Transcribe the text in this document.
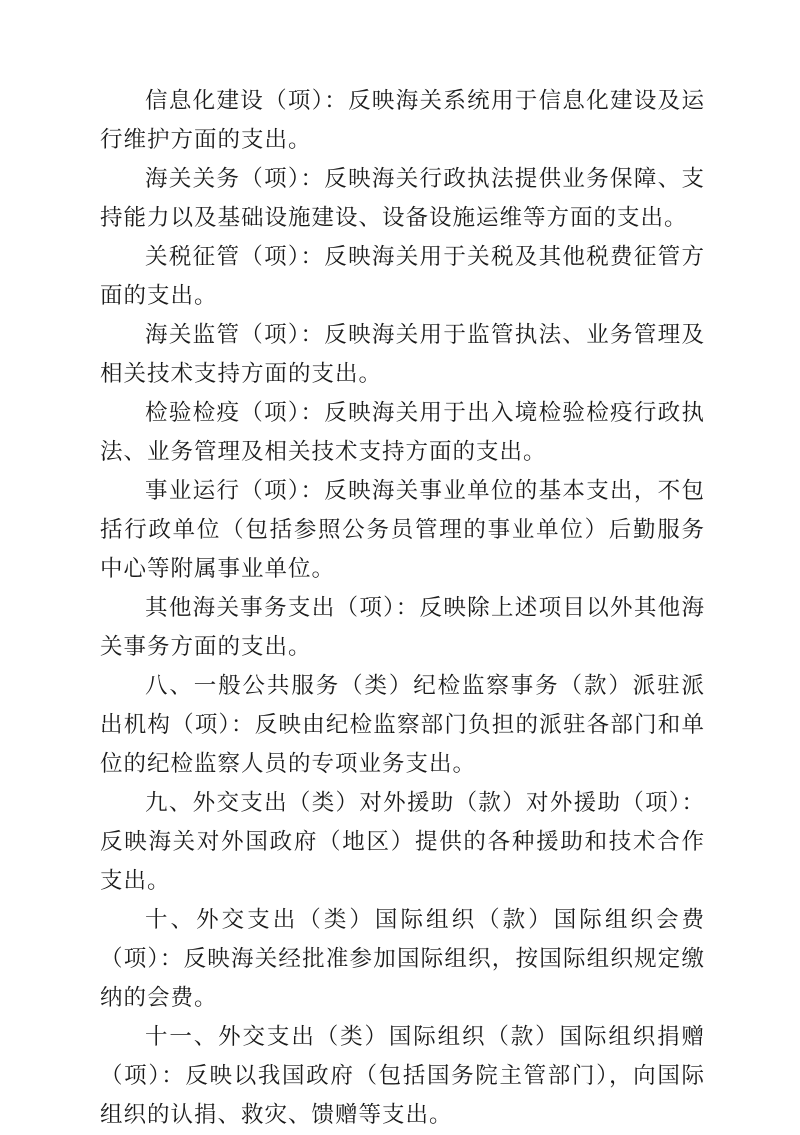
信息化建设（项）：反映海关系统用于信息化建设及运行维护方面的支出。

海关关务（项）：反映海关行政执法提供业务保障、支持能力以及基础设施建设、设备设施运维等方面的支出。

关税征管（项）：反映海关用于关税及其他税费征管方面的支出。

海关监管（项）：反映海关用于监管执法、业务管理及相关技术支持方面的支出。

检验检疫（项）：反映海关用于出入境检验检疫行政执法、业务管理及相关技术支持方面的支出。

事业运行（项）：反映海关事业单位的基本支出，不包括行政单位（包括参照公务员管理的事业单位）后勤服务中心等附属事业单位。

其他海关事务支出（项）：反映除上述项目以外其他海 关事务方面的支出。

八、一般公共服务（类）纪检监察事务（款）派驻派出机构（项）：反映由纪检监察部门负担的派驻各部门和单位的纪检监察人员的专项业务支出。

九、外交支出（类）对外援助（款）对外援助（项）： 反映海关对外国政府（地区）提供的各种援助和技术合作支出。

十、外交支出（类）国际组织（款）国际组织会费（项）：反映海关经批准参加国际组织，按国际组织规定缴纳的会费。

十一、外交支出（类）国际组织（款）国际组织捐赠 （项）：反映以我国政府（包括国务院主管部门），向国际组织的认捐、救灾、馈赠等支出。
